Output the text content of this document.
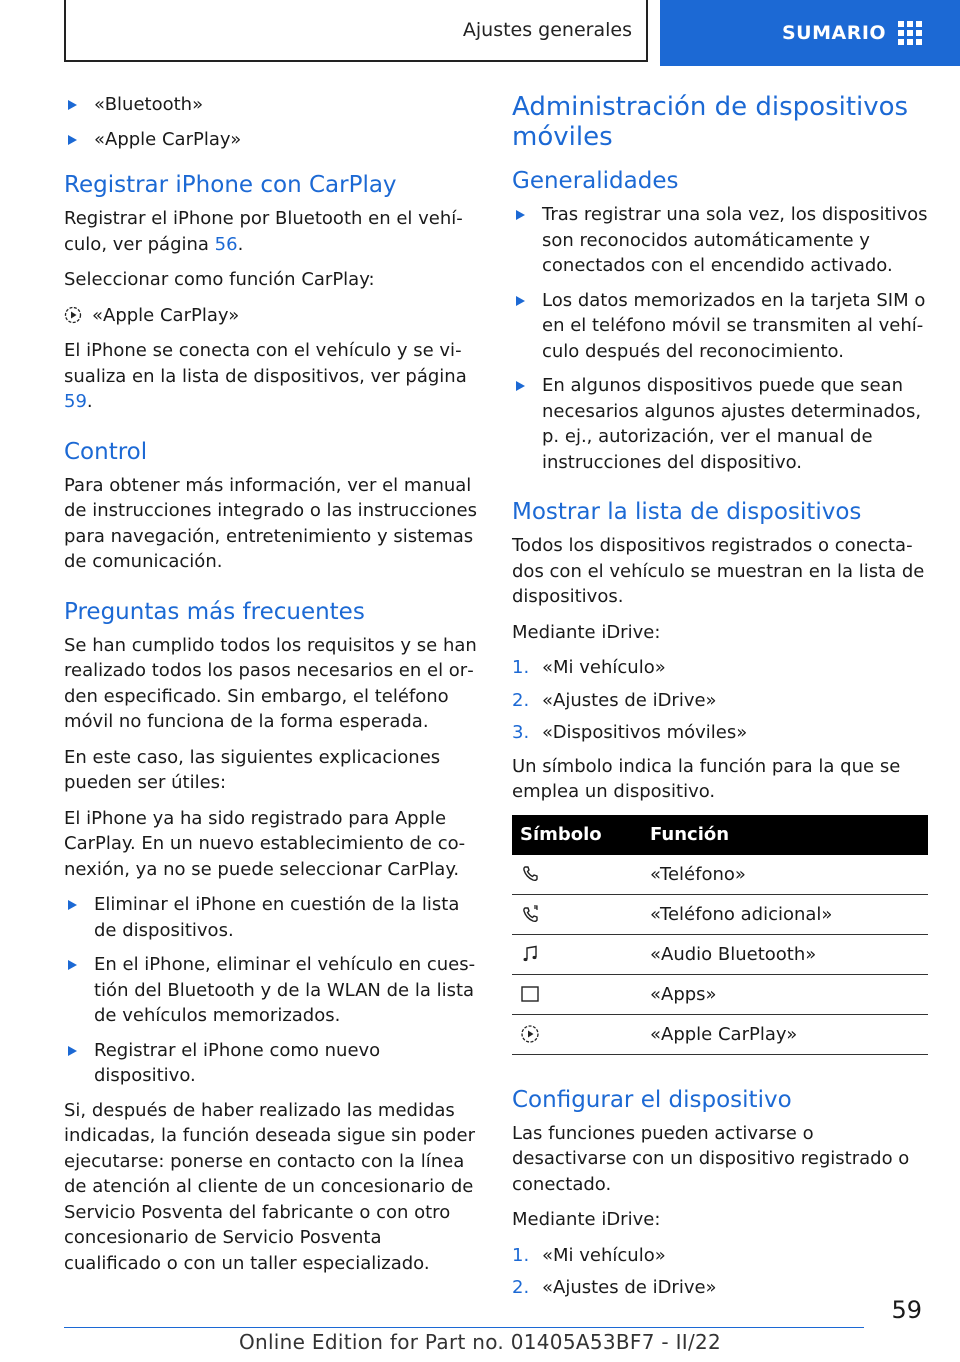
Ajustes generales	SUMARIO
«Bluetooth»
«Apple CarPlay»
Registrar iPhone con CarPlay

Registrar el iPhone por Bluetooth en el vehículo, ver página 56.

Seleccionar como función CarPlay:

«Apple CarPlay»

El iPhone se conecta con el vehículo y se visualiza en la lista de dispositivos, ver página 59.

Control

Para obtener más información, ver el manual de instrucciones integrado o las instrucciones para navegación, entretenimiento y sistemas de comunicación.

Preguntas más frecuentes

Se han cumplido todos los requisitos y se han realizado todos los pasos necesarios en el orden especificado. Sin embargo, el teléfono móvil no funciona de la forma esperada.

En este caso, las siguientes explicaciones pueden ser útiles:

El iPhone ya ha sido registrado para Apple CarPlay. En un nuevo establecimiento de conexión, ya no se puede seleccionar CarPlay.

Eliminar el iPhone en cuestión de la lista de dispositivos.
En el iPhone, eliminar el vehículo en cuestión del Bluetooth y de la WLAN de la lista de vehículos memorizados.
Registrar el iPhone como nuevo dispositivo.

Si, después de haber realizado las medidas indicadas, la función deseada sigue sin poder ejecutarse: ponerse en contacto con la línea de atención al cliente de un concesionario de Servicio Posventa del fabricante o con otro concesionario de Servicio Posventa cualificado o con un taller especializado.

Administración de dispositivos móviles
Generalidades
Tras registrar una sola vez, los dispositivos son reconocidos automáticamente y conectados con el encendido activado.
Los datos memorizados en la tarjeta SIM o en el teléfono móvil se transmiten al vehículo después del reconocimiento.
En algunos dispositivos puede que sean necesarios algunos ajustes determinados, p. ej., autorización, ver el manual de instrucciones del dispositivo.
Mostrar la lista de dispositivos

Todos los dispositivos registrados o conectados con el vehículo se muestran en la lista de dispositivos.

Mediante iDrive:

1. «Mi vehículo»
2. «Ajustes de iDrive»
3. «Dispositivos móviles»

Un símbolo indica la función para la que se emplea un dispositivo.

Símbolo	Función

	«Teléfono»

	«Teléfono adicional»

	«Audio Bluetooth»

	«Apps»

	«Apple CarPlay»
Configurar el dispositivo

Las funciones pueden activarse o desactivarse con un dispositivo registrado o conectado.

Mediante iDrive:

1. «Mi vehículo»
2. «Ajustes de iDrive»
59
Online Edition for Part no. 01405A53BF7 - II/22
